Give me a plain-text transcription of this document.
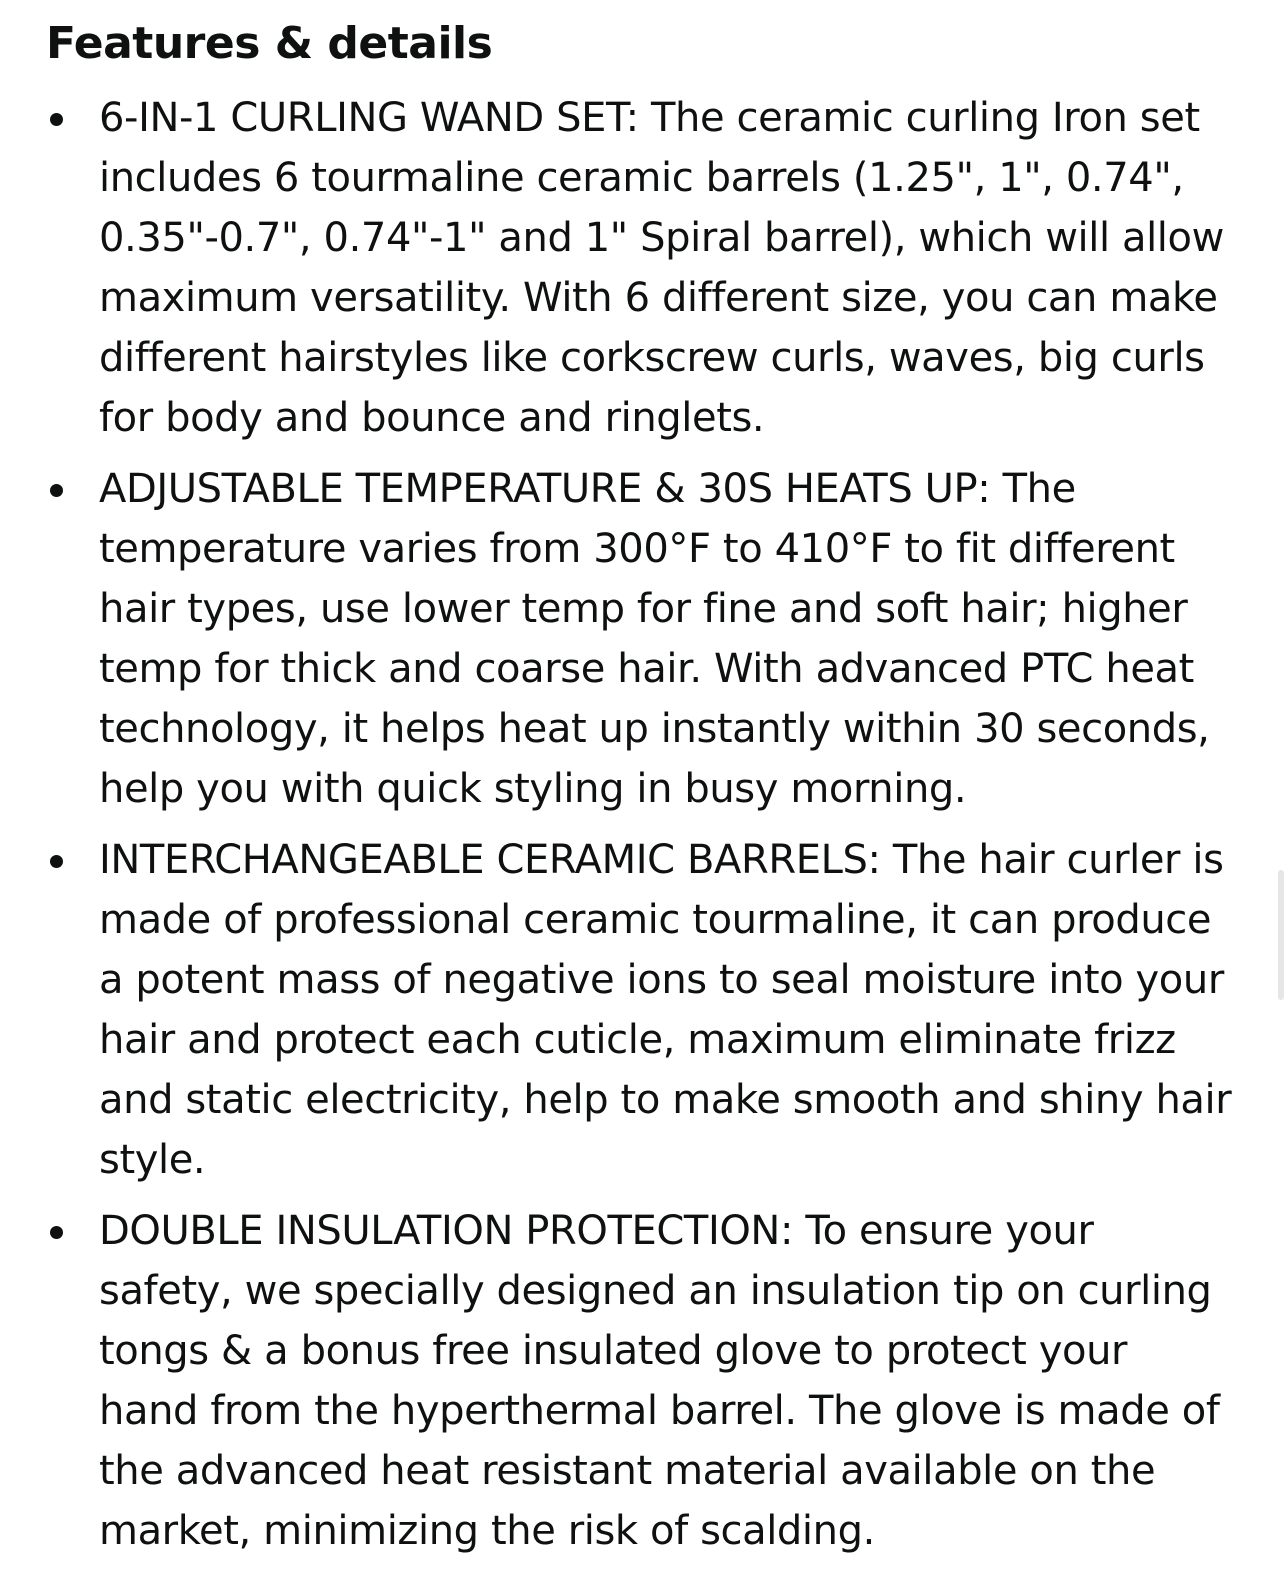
Features & details
6-IN-1 CURLING WAND SET: The ceramic curling Iron set includes 6 tourmaline ceramic barrels (1.25", 1", 0.74", 0.35"-0.7", 0.74"-1" and 1" Spiral barrel), which will allow maximum versatility. With 6 different size, you can make different hairstyles like corkscrew curls, waves, big curls for body and bounce and ringlets.
ADJUSTABLE TEMPERATURE & 30S HEATS UP: The temperature varies from 300°F to 410°F to fit different hair types, use lower temp for fine and soft hair; higher temp for thick and coarse hair. With advanced PTC heat technology, it helps heat up instantly within 30 seconds, help you with quick styling in busy morning.
INTERCHANGEABLE CERAMIC BARRELS: The hair curler is made of professional ceramic tourmaline, it can produce a potent mass of negative ions to seal moisture into your hair and protect each cuticle, maximum eliminate frizz and static electricity, help to make smooth and shiny hair style.
DOUBLE INSULATION PROTECTION: To ensure your safety, we specially designed an insulation tip on curling tongs & a bonus free insulated glove to protect your hand from the hyperthermal barrel. The glove is made of the advanced heat resistant material available on the market, minimizing the risk of scalding.
